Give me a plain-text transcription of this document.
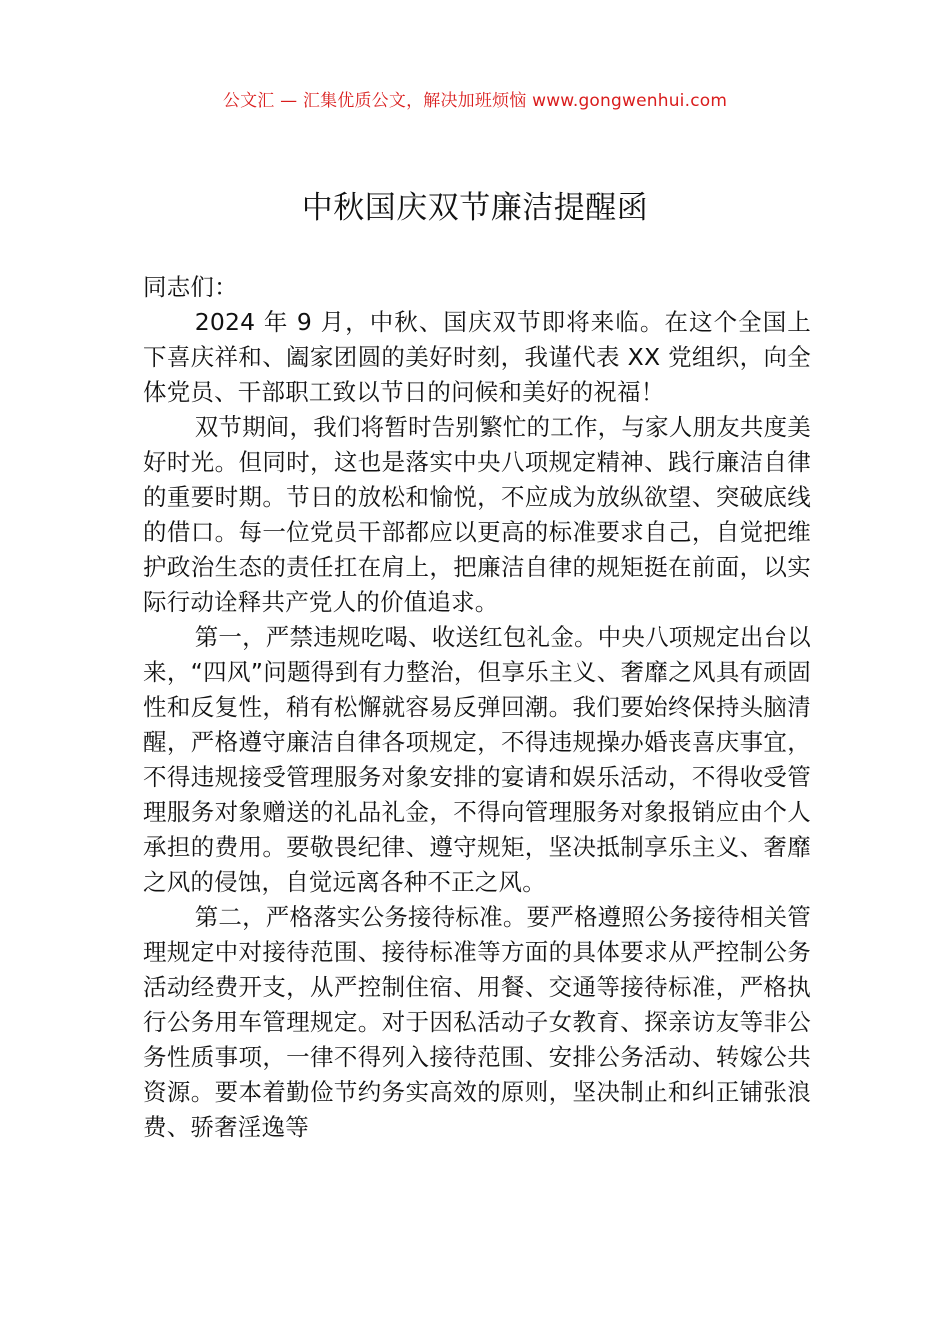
公文汇 — 汇集优质公文，解决加班烦恼 www.gongwenhui.com
中秋国庆双节廉洁提醒函

同志们：

2024 年 9 月，中秋、国庆双节即将来临。在这个全国上下喜庆祥和、阖家团圆的美好时刻，我谨代表 XX 党组织，向全体党员、干部职工致以节日的问候和美好的祝福！

双节期间，我们将暂时告别繁忙的工作，与家人朋友共度美好时光。但同时，这也是落实中央八项规定精神、践行廉洁自律的重要时期。节日的放松和愉悦，不应成为放纵欲望、突破底线的借口。每一位党员干部都应以更高的标准要求自己，自觉把维护政治生态的责任扛在肩上，把廉洁自律的规矩挺在前面，以实际行动诠释共产党人的价值追求。

第一，严禁违规吃喝、收送红包礼金。中央八项规定出台以来，“四风”问题得到有力整治，但享乐主义、奢靡之风具有顽固性和反复性，稍有松懈就容易反弹回潮。我们要始终保持头脑清醒，严格遵守廉洁自律各项规定，不得违规操办婚丧喜庆事宜，不得违规接受管理服务对象安排的宴请和娱乐活动，不得收受管理服务对象赠送的礼品礼金，不得向管理服务对象报销应由个人承担的费用。要敬畏纪律、遵守规矩，坚决抵制享乐主义、奢靡之风的侵蚀，自觉远离各种不正之风。

第二，严格落实公务接待标准。要严格遵照公务接待相关管理规定中对接待范围、接待标准等方面的具体要求从严控制公务活动经费开支，从严控制住宿、用餐、交通等接待标准，严格执行公务用车管理规定。对于因私活动子女教育、探亲访友等非公务性质事项，一律不得列入接待范围、安排公务活动、转嫁公共资源。要本着勤俭节约务实高效的原则，坚决制止和纠正铺张浪费、骄奢淫逸等
